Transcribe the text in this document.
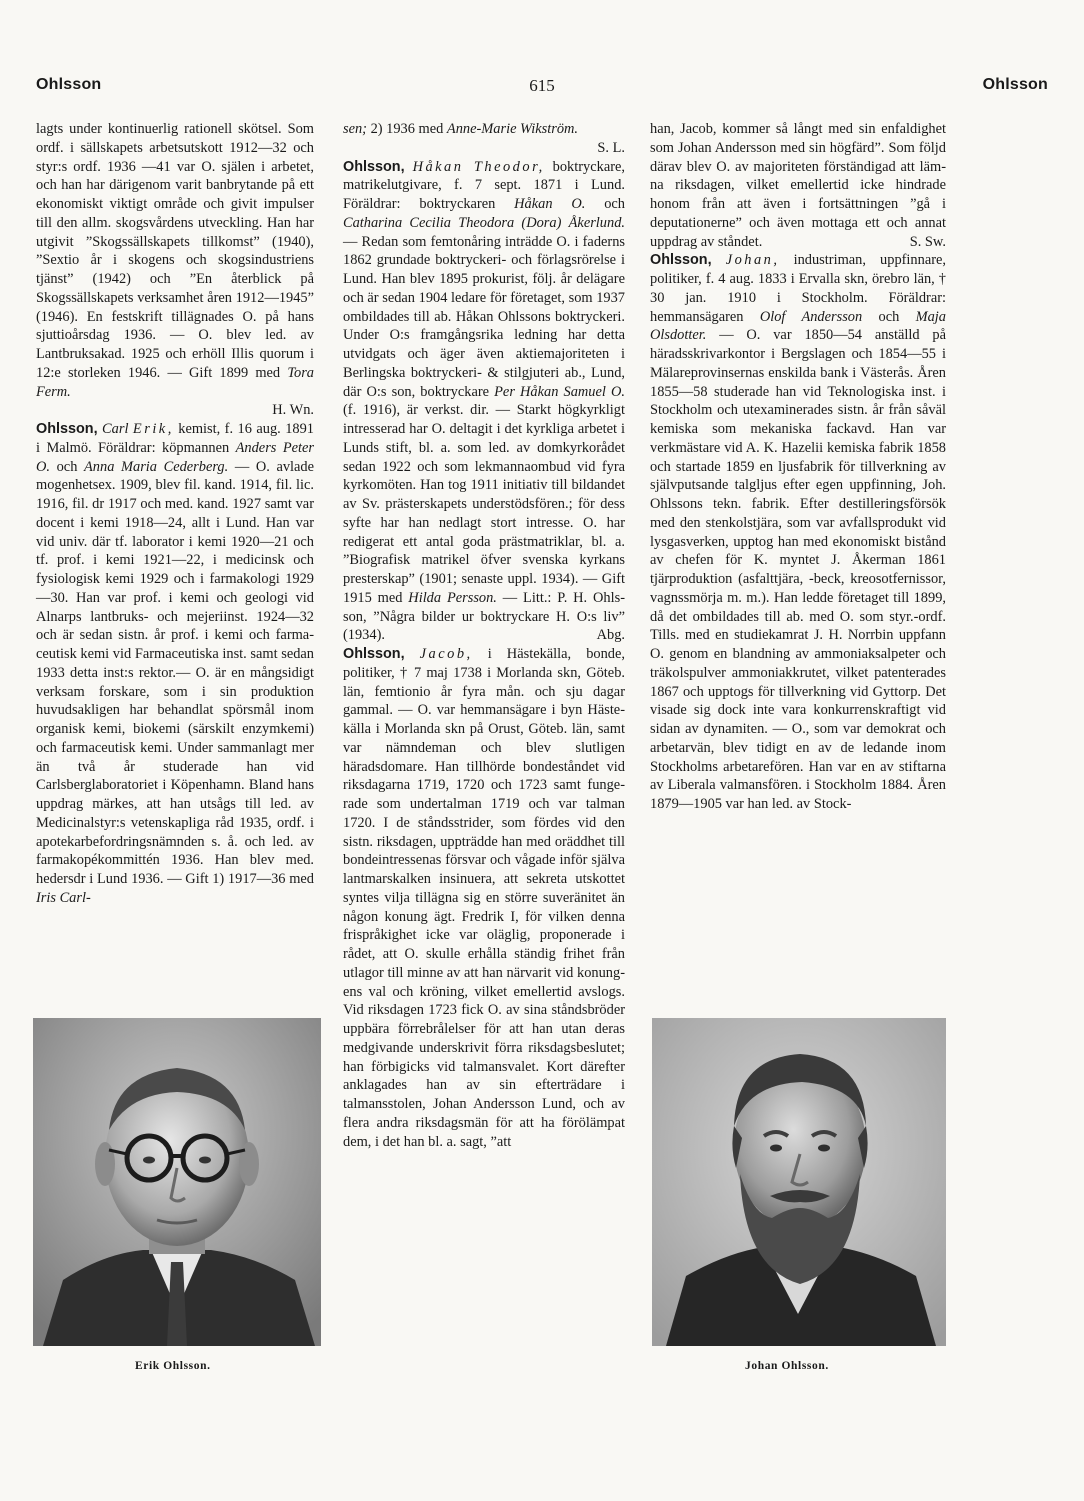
Ohlsson	615	Ohlsson

lagts under kontinuerlig rationell skötsel. Som ordf. i sällskapets arbetsutskott 1912—32 och styr:s ordf. 1936 —41 var O. själen i arbetet, och han har därigenom varit banbrytande på ett ekonomiskt viktigt område och givit impulser till den allm. skogsvårdens utveckling. Han har utgivit ”Skogssällskapets tillkomst” (1940), ”Sextio år i skogens och skogsindustriens tjänst” (1942) och ”En återblick på Skogssällskapets verksamhet åren 1912—1945” (1946). En festskrift tillägnades O. på hans sjuttioårsdag 1936. — O. blev led. av Lantbruksakad. 1925 och erhöll Illis quorum i 12:e storleken 1946. — Gift 1899 med Tora Ferm.
H. Wn.

Ohlsson, Carl Erik, kemist, f. 16 aug. 1891 i Malmö. Föräldrar: köpmannen Anders Peter O. och Anna Maria Cederberg. — O. avlade mogenhetsex. 1909, blev fil. kand. 1914, fil. lic. 1916, fil. dr 1917 och med. kand. 1927 samt var docent i kemi 1918—24, allt i Lund. Han var vid univ. där tf. laborator i kemi 1920—21 och tf. prof. i kemi 1921—22, i medicinsk och fysiologisk kemi 1929 och i farmakologi 1929—30. Han var prof. i kemi och geologi vid Alnarps lantbruks- och mejeriinst. 1924—32 och är sedan sistn. år prof. i kemi och farmaceutisk kemi vid Farmaceutiska inst. samt sedan 1933 detta inst:s rektor.— O. är en mångsidigt verksam forskare, som i sin produktion huvudsakligen har behandlat spörsmål inom organisk kemi, biokemi (särskilt enzymkemi) och farmaceutisk kemi. Under sammanlagt mer än två år studerade han vid Carlsberglaboratoriet i Köpenhamn. Bland hans uppdrag märkes, att han utsågs till led. av Medicinalstyr:s vetenskapliga råd 1935, ordf. i apotekarbefordringsnämnden s. å. och led. av farmakopékommittén 1936. Han blev med. hedersdr i Lund 1936. — Gift 1) 1917—36 med Iris Carl-

sen; 2) 1936 med Anne-Marie Wikström.
S. L.

Ohlsson, Håkan Theodor, boktryckare, matrikelutgivare, f. 7 sept. 1871 i Lund. Föräldrar: boktryckaren Håkan O. och Catharina Cecilia Theodora (Dora) Åkerlund. — Redan som femtonåring inträdde O. i faderns 1862 grundade boktryckeri- och förlagsrörelse i Lund. Han blev 1895 prokurist, följ. år delägare och är sedan 1904 ledare för företaget, som 1937 ombildades till ab. Håkan Ohlssons boktryckeri. Under O:s framgångsrika ledning har detta utvidgats och äger även aktiemajoriteten i Berlingska boktryckeri- & stilgjuteri ab., Lund, där O:s son, boktryckare Per Håkan Samuel O. (f. 1916), är verkst. dir. — Starkt högkyrkligt intresserad har O. deltagit i det kyrkliga arbetet i Lunds stift, bl. a. som led. av domkyrkorådet sedan 1922 och som lekmannaombud vid fyra kyrkomöten. Han tog 1911 initiativ till bildandet av Sv. prästerskapets understödsfören.; för dess syfte har han nedlagt stort intresse. O. har redigerat ett antal goda prästmatriklar, bl. a. ”Biografisk matrikel öfver svenska kyrkans presterskap” (1901; senaste uppl. 1934). — Gift 1915 med Hilda Persson. — Litt.: P. H. Ohlsson, ”Några bilder ur boktryckare H. O:s liv” (1934).	Abg.

Ohlsson, Jacob, i Hästekälla, bonde, politiker, † 7 maj 1738 i Morlanda skn, Göteb. län, femtionio år fyra mån. och sju dagar gammal. — O. var hemmansägare i byn Hästekälla i Morlanda skn på Orust, Göteb. län, samt var nämndeman och blev slutligen häradsdomare. Han tillhörde bondeståndet vid riksdagarna 1719, 1720 och 1723 samt fungerade som undertalman 1719 och var talman 1720. I de ståndsstrider, som fördes vid den sistn. riksdagen, uppträdde han med oräddhet till bondeintressenas försvar och vågade inför själva lantmarskalken insinuera, att sekreta utskottet syntes vilja tillägna sig en större suveränitet än någon konung ägt. Fredrik I, för vilken denna frispråkighet icke var oläglig, proponerade i rådet, att O. skulle erhålla ständig frihet från utlagor till minne av att han närvarit vid konungens val och kröning, vilket emellertid avslogs. Vid riksdagen 1723 fick O. av sina ståndsbröder uppbära förrebrålelser för att han utan deras medgivande underskrivit förra riksdagsbeslutet; han förbigicks vid talmansvalet. Kort därefter anklagades han av sin efterträdare i talmansstolen, Johan Andersson Lund, och av flera andra riksdagsmän för att ha förölämpat dem, i det han bl. a. sagt, ”att

han, Jacob, kommer så långt med sin enfaldighet som Johan Andersson med sin högfärd”. Som följd därav blev O. av majoriteten förständigad att lämna riksdagen, vilket emellertid icke hindrade honom från att även i fortsättningen ”gå i deputationerne” och även mottaga ett och annat uppdrag av ståndet.	S. Sw.

Ohlsson, Johan, industriman, uppfinnare, politiker, f. 4 aug. 1833 i Ervalla skn, örebro län, † 30 jan. 1910 i Stockholm. Föräldrar: hemmansägaren Olof Andersson och Maja Olsdotter. — O. var 1850—54 anställd på häradsskrivarkontor i Bergslagen och 1854—55 i Mälareprovinsernas enskilda bank i Västerås. Åren 1855—58 studerade han vid Teknologiska inst. i Stockholm och utexaminerades sistn. år från såväl kemiska som mekaniska fackavd. Han var verkmästare vid A. K. Hazelii kemiska fabrik 1858 och startade 1859 en ljusfabrik för tillverkning av självputsande talgljus efter egen uppfinning, Joh. Ohlssons tekn. fabrik. Efter destilleringsförsök med den stenkolstjära, som var avfallsprodukt vid lysgasverken, upptog han med ekonomiskt bistånd av chefen för K. myntet J. Åkerman 1861 tjärproduktion (asfalttjära, -beck, kreosotfernissor, vagnssmörja m. m.). Han ledde företaget till 1899, då det ombildades till ab. med O. som styr.-ordf. Tills. med en studiekamrat J. H. Norrbin uppfann O. genom en blandning av ammoniaksalpeter och träkolspulver ammoniakkrutet, vilket patenterades 1867 och upptogs för tillverkning vid Gyttorp. Det visade sig dock inte vara konkurrenskraftigt vid sidan av dynamiten. — O., som var demokrat och arbetarvän, blev tidigt en av de ledande inom Stockholms arbetarefören. Han var en av stiftarna av Liberala valmansfören. i Stockholm 1884. Åren 1879—1905 var han led. av Stock-

Erik Ohlsson.	Johan Ohlsson.
